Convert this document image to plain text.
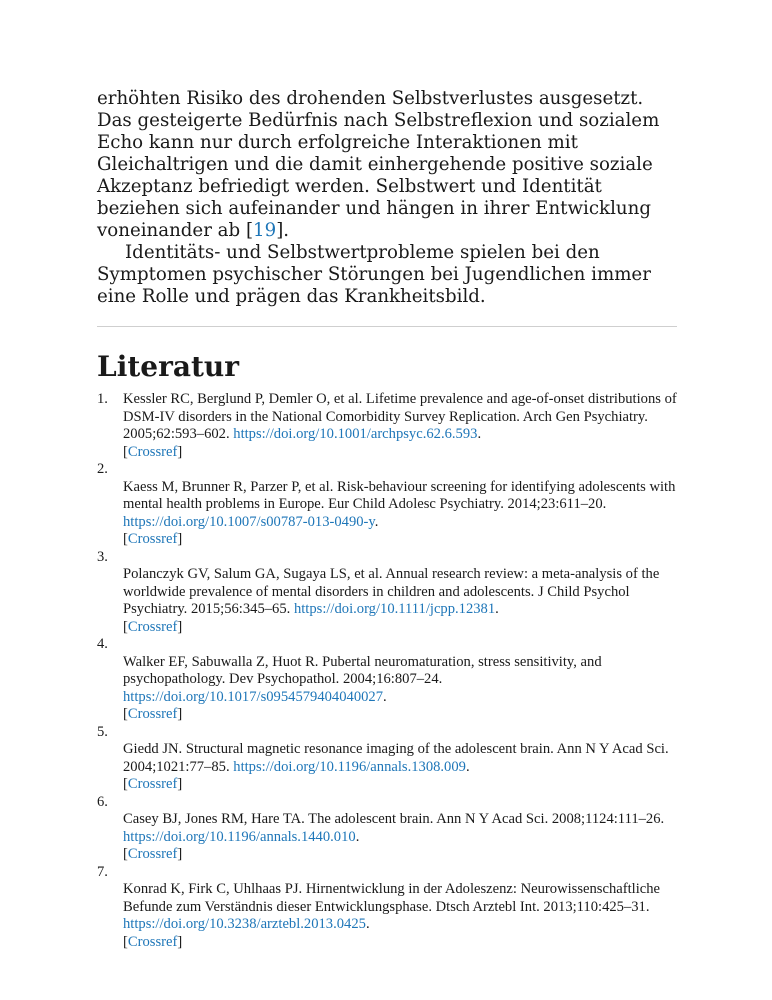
erhöhten Risiko des drohenden Selbstverlustes ausgesetzt. Das gesteigerte Bedürfnis nach Selbstreflexion und sozialem Echo kann nur durch erfolgreiche Interaktionen mit Gleichaltrigen und die damit einhergehende positive soziale Akzeptanz befriedigt werden. Selbstwert und Identität beziehen sich aufeinander und hängen in ihrer Entwicklung voneinander ab [19].

Identitäts- und Selbstwertprobleme spielen bei den Symptomen psychischer Störungen bei Jugendlichen immer eine Rolle und prägen das Krankheitsbild.

Literatur
1. Kessler RC, Berglund P, Demler O, et al. Lifetime prevalence and age-of-onset distributions of DSM-IV disorders in the National Comorbidity Survey Replication. Arch Gen Psychiatry. 2005;62:593–602. https://doi.org/10.1001/archpsyc.62.6.593.
[Crossref]
2.
Kaess M, Brunner R, Parzer P, et al. Risk-behaviour screening for identifying adolescents with mental health problems in Europe. Eur Child Adolesc Psychiatry. 2014;23:611–20. https://doi.org/10.1007/s00787-013-0490-y.
[Crossref]
3.
Polanczyk GV, Salum GA, Sugaya LS, et al. Annual research review: a meta-analysis of the worldwide prevalence of mental disorders in children and adolescents. J Child Psychol Psychiatry. 2015;56:345–65. https://doi.org/10.1111/jcpp.12381.
[Crossref]
4.
Walker EF, Sabuwalla Z, Huot R. Pubertal neuromaturation, stress sensitivity, and psychopathology. Dev Psychopathol. 2004;16:807–24. https://doi.org/10.1017/s0954579404040027.
[Crossref]
5.
Giedd JN. Structural magnetic resonance imaging of the adolescent brain. Ann N Y Acad Sci. 2004;1021:77–85. https://doi.org/10.1196/annals.1308.009.
[Crossref]
6.
Casey BJ, Jones RM, Hare TA. The adolescent brain. Ann N Y Acad Sci. 2008;1124:111–26. https://doi.org/10.1196/annals.1440.010.
[Crossref]
7.
Konrad K, Firk C, Uhlhaas PJ. Hirnentwicklung in der Adoleszenz: Neurowissenschaftliche Befunde zum Verständnis dieser Entwicklungsphase. Dtsch Arztebl Int. 2013;110:425–31. https://doi.org/10.3238/arztebl.2013.0425.
[Crossref]
